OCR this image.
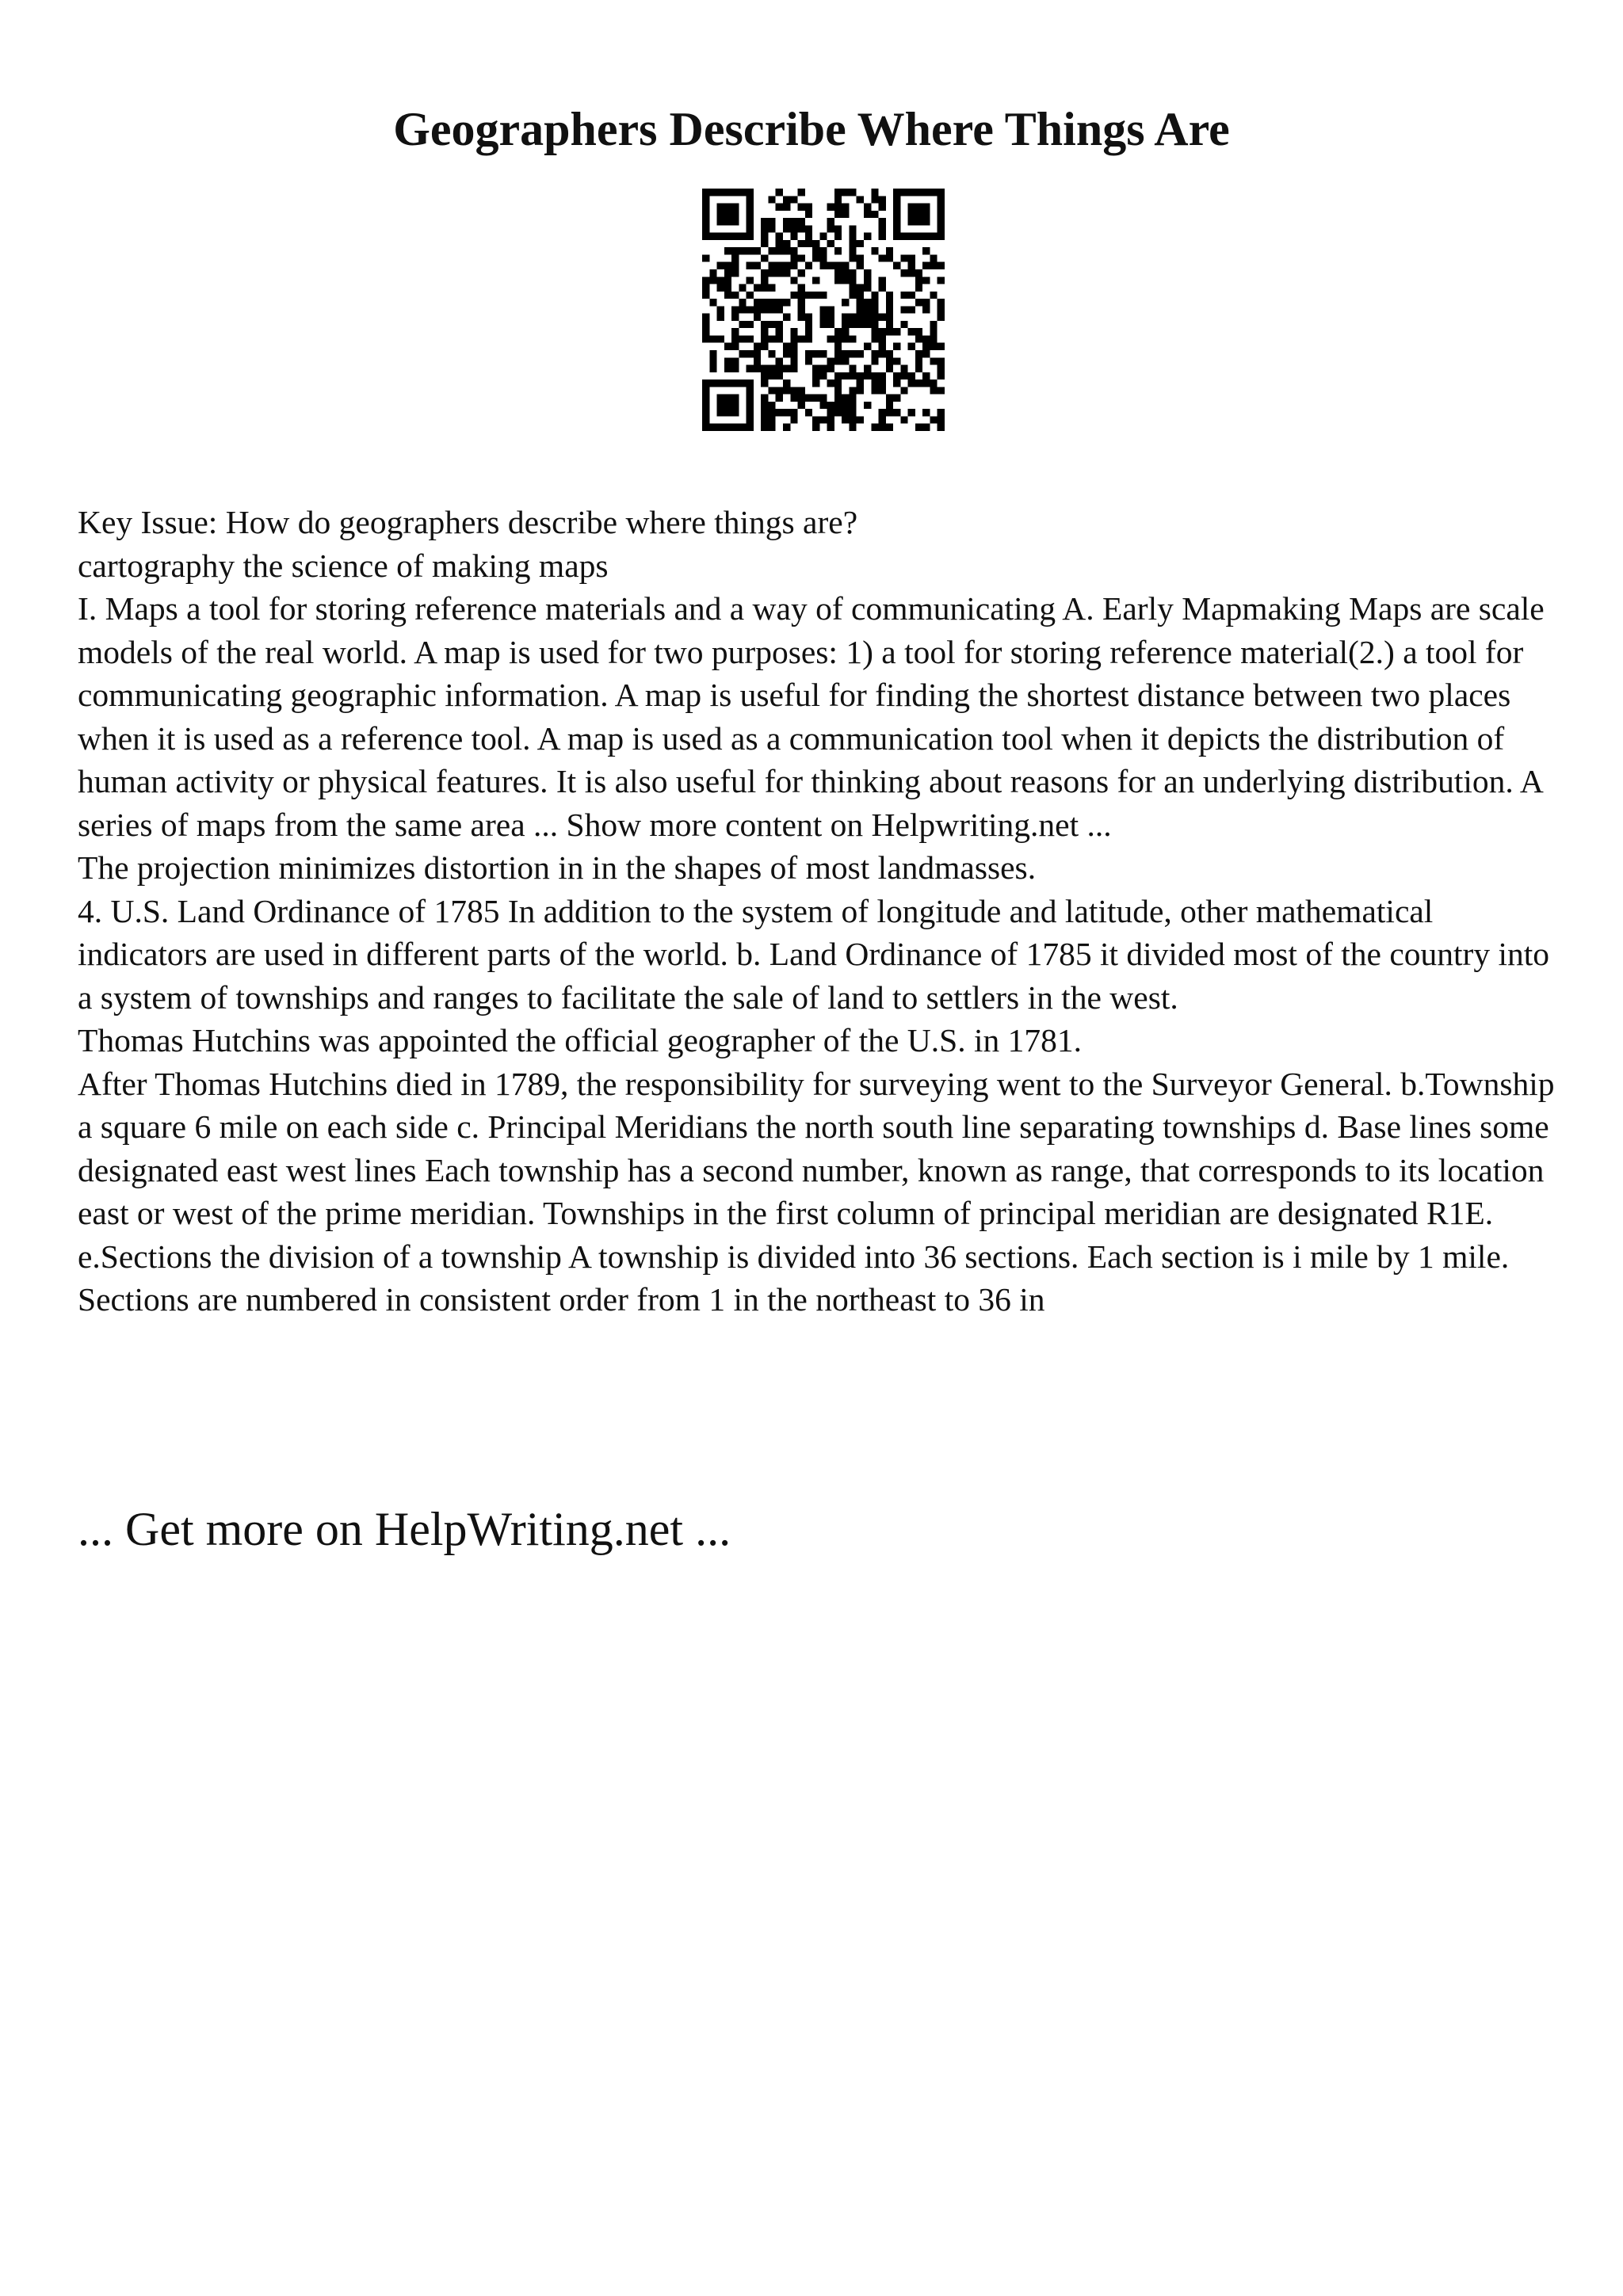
Geographers Describe Where Things Are

Key Issue: How do geographers describe where things are?

cartography the science of making maps

I. Maps a tool for storing reference materials and a way of communicating A. Early Mapmaking Maps are scale models of the real world. A map is used for two purposes: 1) a tool for storing reference material(2.) a tool for communicating geographic information. A map is useful for finding the shortest distance between two places when it is used as a reference tool. A map is used as a communication tool when it depicts the distribution of human activity or physical features. It is also useful for thinking about reasons for an underlying distribution. A series of maps from the same area ... Show more content on Helpwriting.net ...

The projection minimizes distortion in in the shapes of most landmasses.

4. U.S. Land Ordinance of 1785 In addition to the system of longitude and latitude, other mathematical indicators are used in different parts of the world. b. Land Ordinance of 1785 it divided most of the country into a system of townships and ranges to facilitate the sale of land to settlers in the west.

Thomas Hutchins was appointed the official geographer of the U.S. in 1781.

After Thomas Hutchins died in 1789, the responsibility for surveying went to the Surveyor General. b.Township a square 6 mile on each side c. Principal Meridians the north south line separating townships d. Base lines some designated east west lines Each township has a second number, known as range, that corresponds to its location east or west of the prime meridian. Townships in the first column of principal meridian are designated R1E. e.Sections the division of a township A township is divided into 36 sections. Each section is i mile by 1 mile. Sections are numbered in consistent order from 1 in the northeast to 36 in

... Get more on HelpWriting.net ...
